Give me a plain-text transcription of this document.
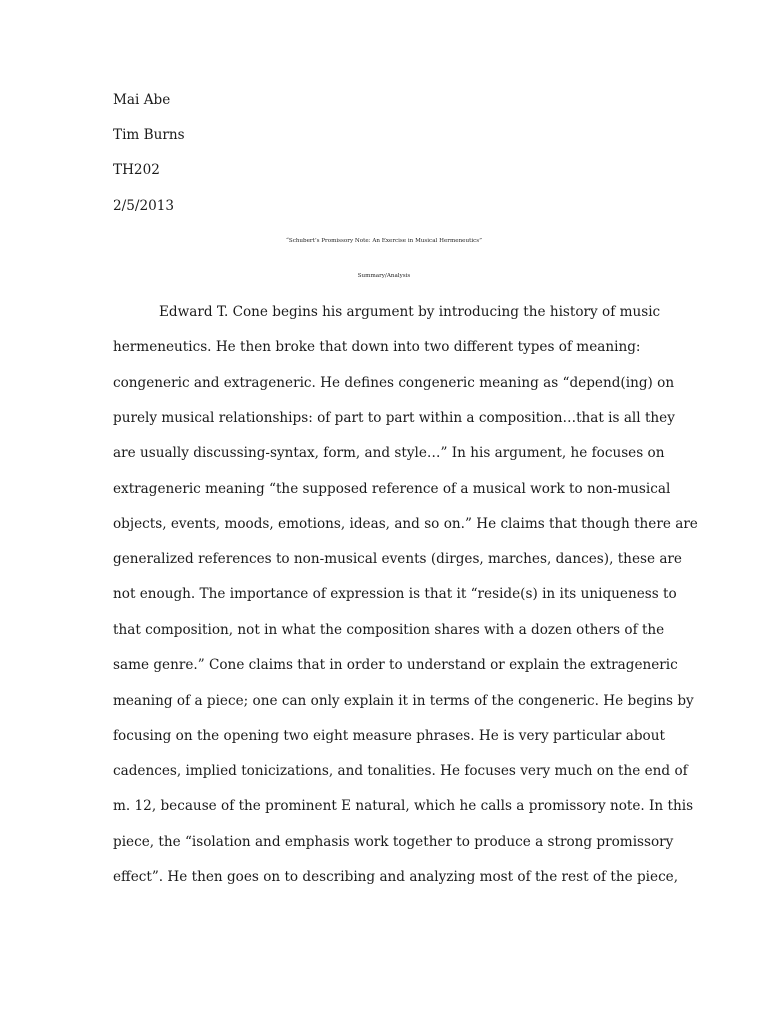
Mai Abe
Tim Burns
TH202
2/5/2013
“Schubert’s Promissory Note: An Exercise in Musical Hermeneutics”
Summary/Analysis
Edward T. Cone begins his argument by introducing the history of music
hermeneutics. He then broke that down into two different types of meaning:
congeneric and extrageneric. He defines congeneric meaning as “depend(ing) on
purely musical relationships: of part to part within a composition…that is all they
are usually discussing-syntax, form, and style…” In his argument, he focuses on
extrageneric meaning “the supposed reference of a musical work to non-musical
objects, events, moods, emotions, ideas, and so on.” He claims that though there are
generalized references to non-musical events (dirges, marches, dances), these are
not enough. The importance of expression is that it “reside(s) in its uniqueness to
that composition, not in what the composition shares with a dozen others of the
same genre.” Cone claims that in order to understand or explain the extrageneric
meaning of a piece; one can only explain it in terms of the congeneric. He begins by
focusing on the opening two eight measure phrases. He is very particular about
cadences, implied tonicizations, and tonalities. He focuses very much on the end of
m. 12, because of the prominent E natural, which he calls a promissory note. In this
piece, the “isolation and emphasis work together to produce a strong promissory
effect”. He then goes on to describing and analyzing most of the rest of the piece,
